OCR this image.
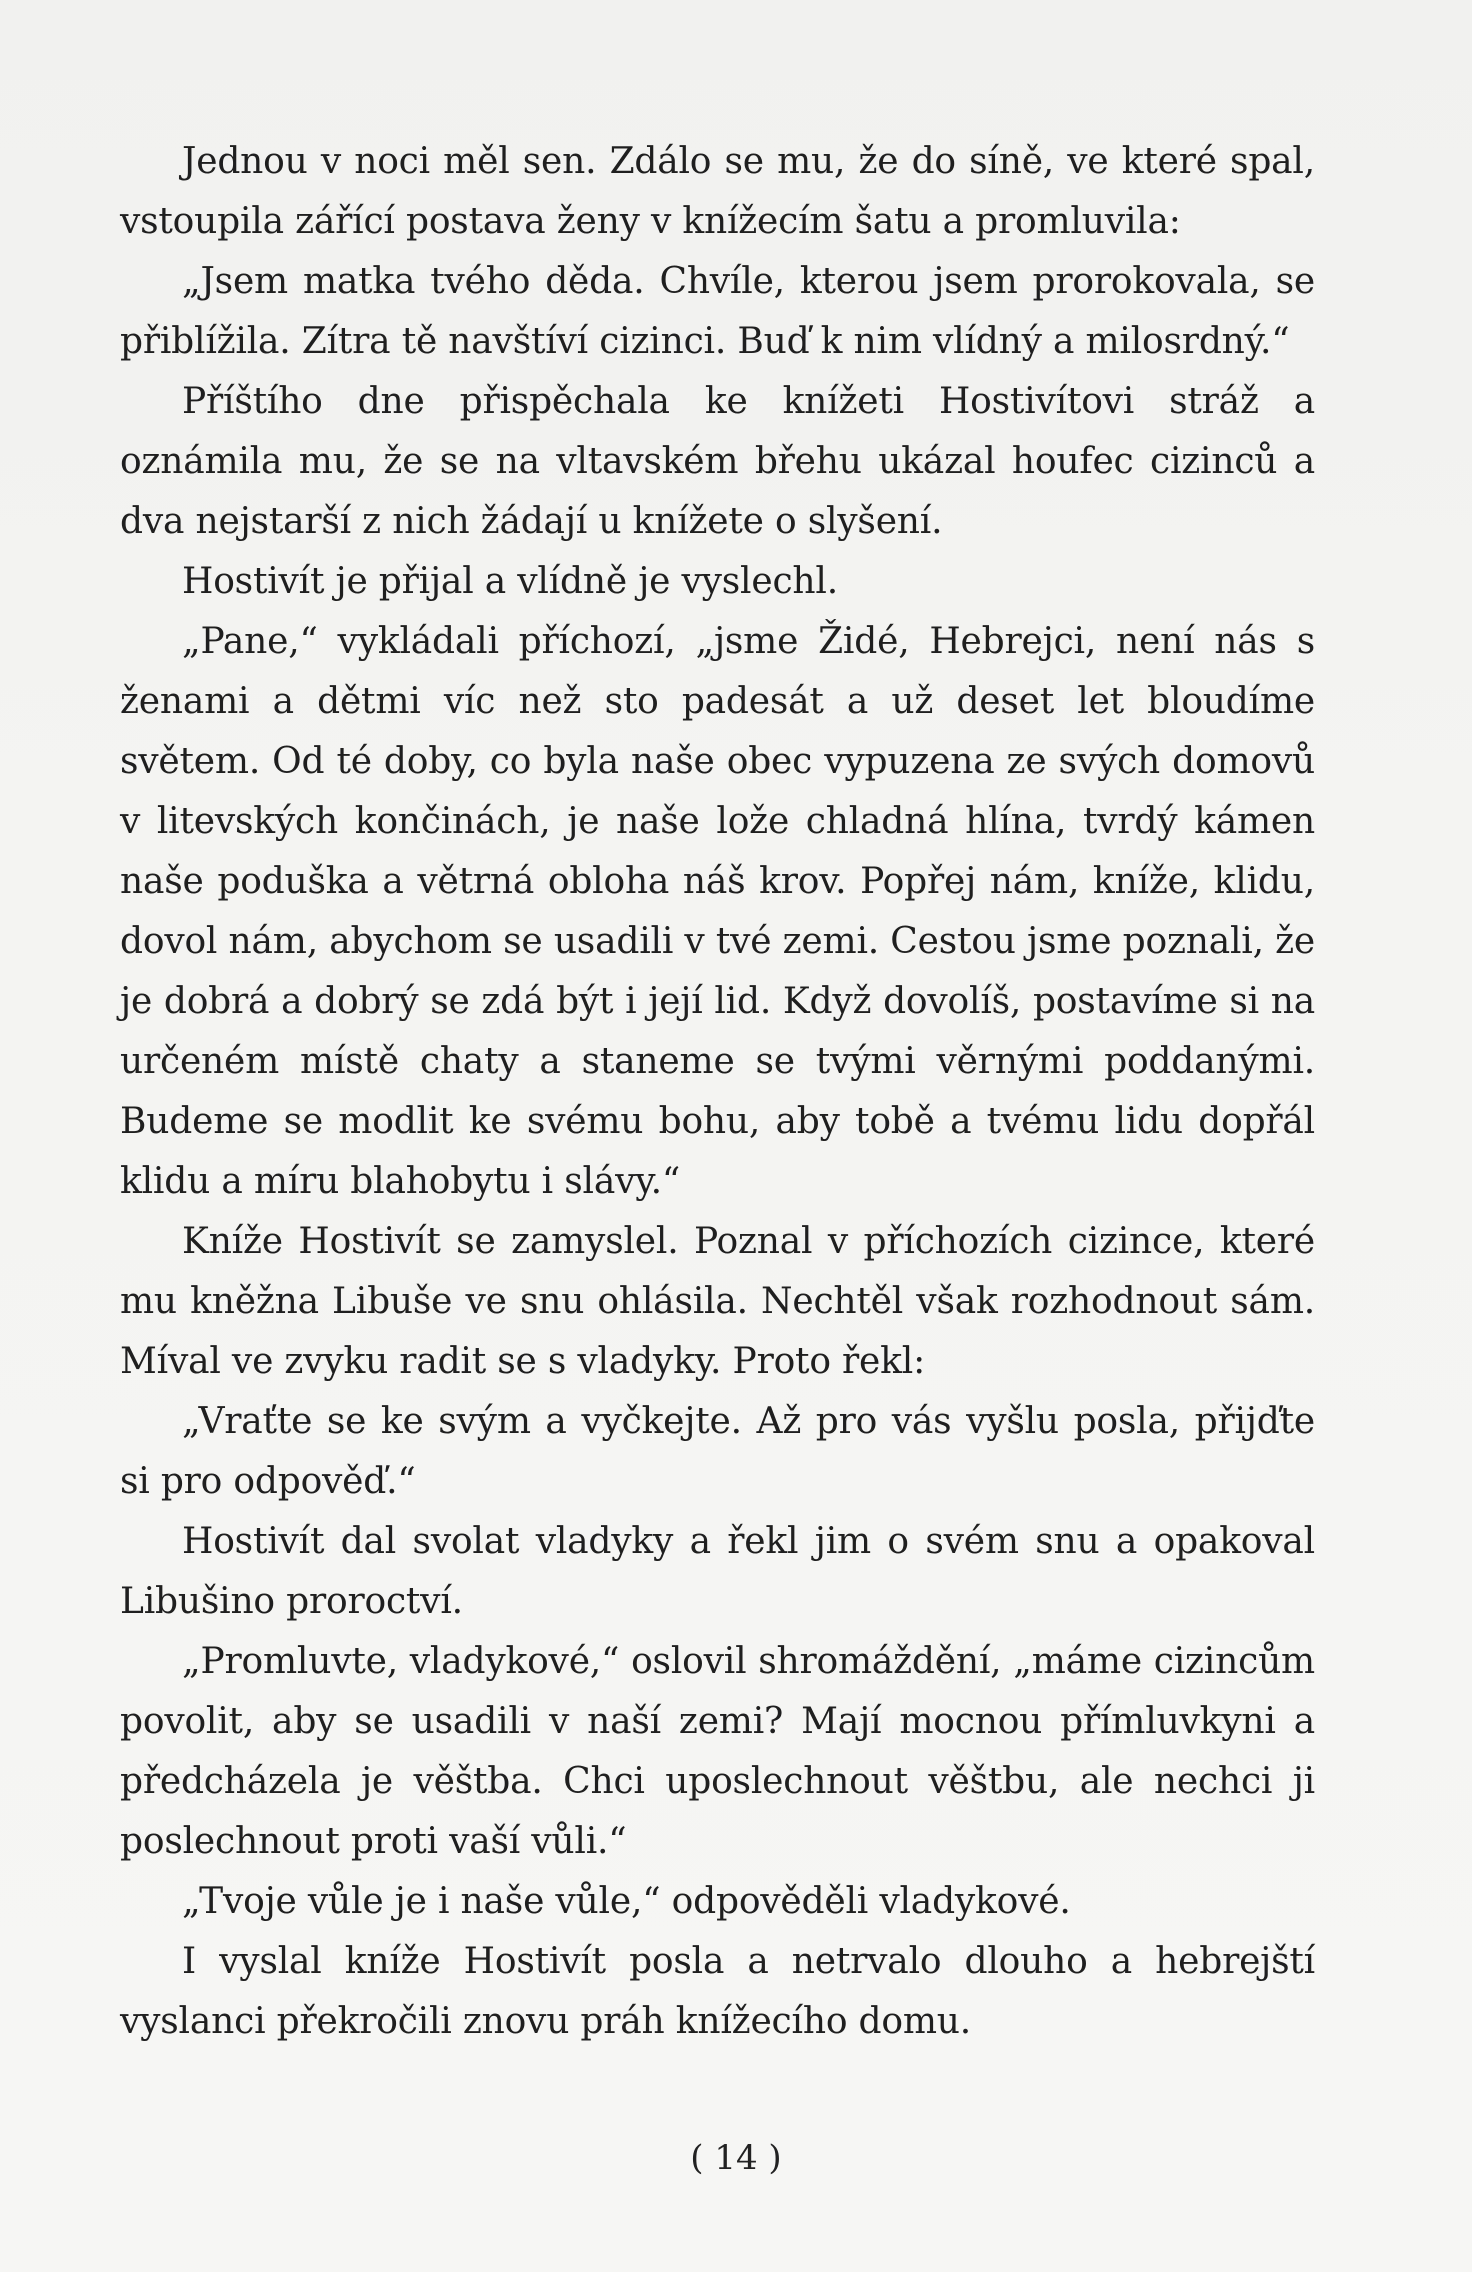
Jednou v noci měl sen. Zdálo se mu, že do síně, ve které spal, vstoupila zářící postava ženy v knížecím šatu a promluvila:

„Jsem matka tvého děda. Chvíle, kterou jsem prorokovala, se přiblížila. Zítra tě navštíví cizinci. Buď k nim vlídný a milosrdný.“

Příštího dne přispěchala ke knížeti Hostivítovi stráž a oznámila mu, že se na vltavském břehu ukázal houfec cizinců a dva nejstarší z nich žádají u knížete o slyšení.

Hostivít je přijal a vlídně je vyslechl.

„Pane,“ vykládali příchozí, „jsme Židé, Hebrejci, není nás s ženami a dětmi víc než sto padesát a už deset let bloudíme světem. Od té doby, co byla naše obec vypuzena ze svých domovů v litevských končinách, je naše lože chladná hlína, tvrdý kámen naše poduška a větrná obloha náš krov. Popřej nám, kníže, klidu, dovol nám, abychom se usadili v tvé zemi. Cestou jsme poznali, že je dobrá a dobrý se zdá být i její lid. Když dovolíš, postavíme si na určeném místě chaty a staneme se tvými věrnými poddanými. Budeme se modlit ke svému bohu, aby tobě a tvému lidu dopřál klidu a míru blahobytu i slávy.“

Kníže Hostivít se zamyslel. Poznal v příchozích cizince, které mu kněžna Libuše ve snu ohlásila. Nechtěl však rozhodnout sám. Míval ve zvyku radit se s vladyky. Proto řekl:

„Vraťte se ke svým a vyčkejte. Až pro vás vyšlu posla, přijďte si pro odpověď.“

Hostivít dal svolat vladyky a řekl jim o svém snu a opakoval Libušino proroctví.

„Promluvte, vladykové,“ oslovil shromáždění, „máme cizincům povolit, aby se usadili v naší zemi? Mají mocnou přímluvkyni a předcházela je věštba. Chci uposlechnout věštbu, ale nechci ji poslechnout proti vaší vůli.“

„Tvoje vůle je i naše vůle,“ odpověděli vladykové.

I vyslal kníže Hostivít posla a netrvalo dlouho a hebrejští vyslanci překročili znovu práh knížecího domu.

( 14 )
